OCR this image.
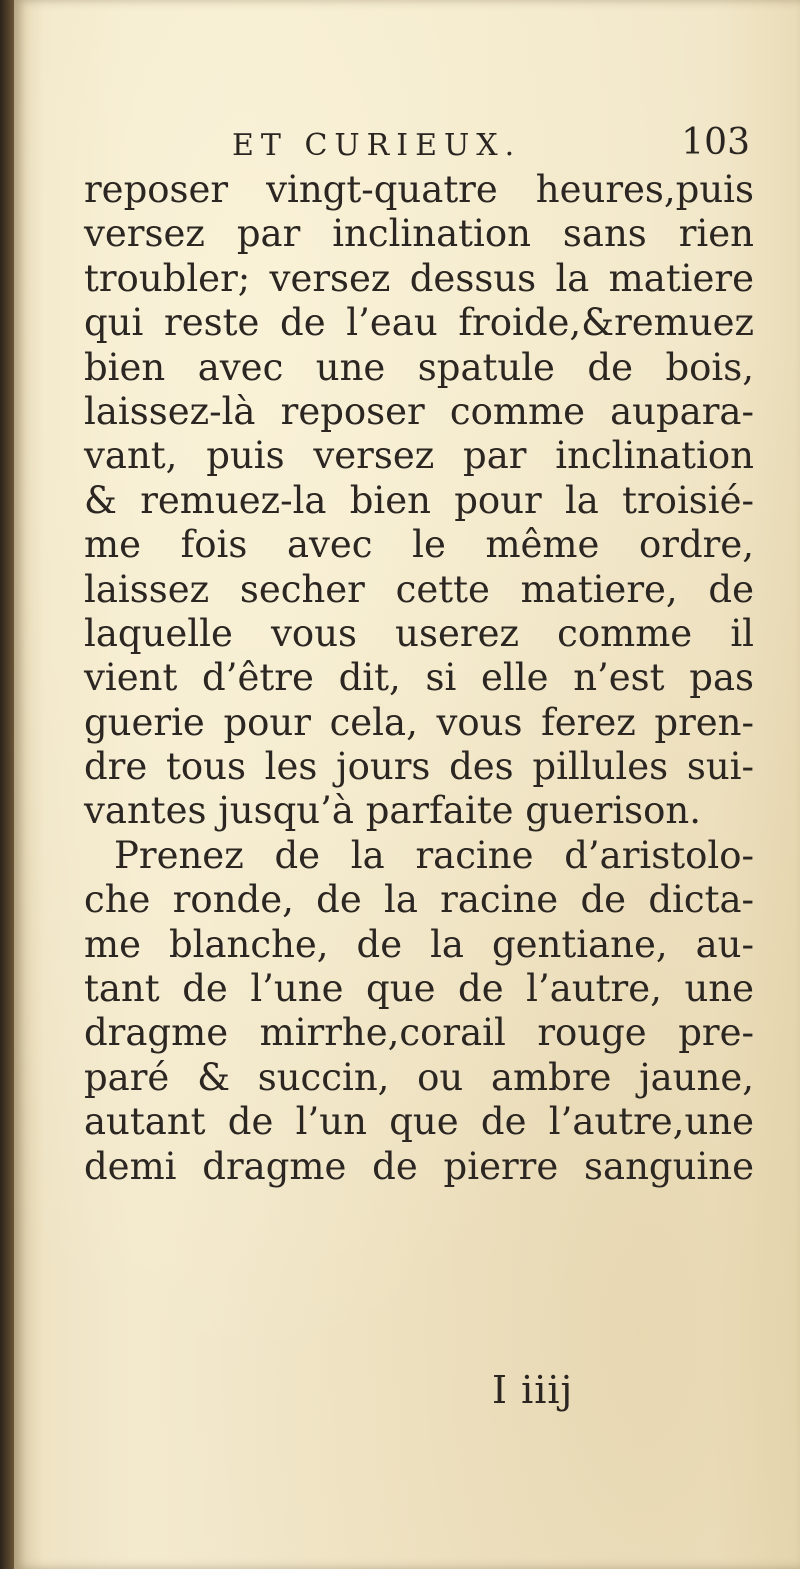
ET CURIEUX.	103
reposer vingt-quatre heures,puis
versez par inclination sans rien
troubler; versez dessus la matiere
qui reste de l’eau froide,&remuez
bien avec une spatule de bois,
laissez-là reposer comme aupara-
vant, puis versez par inclination
& remuez-la bien pour la troisié-
me fois avec le même ordre,
laissez secher cette matiere, de
laquelle vous userez comme il
vient d’être dit, si elle n’est pas
guerie pour cela, vous ferez pren-
dre tous les jours des pillules sui-
vantes jusqu’à parfaite guerison.
Prenez de la racine d’aristolo-
che ronde, de la racine de dicta-
me blanche, de la gentiane, au-
tant de l’une que de l’autre, une
dragme mirrhe,corail rouge pre-
paré & succin, ou ambre jaune,
autant de l’un que de l’autre,une
demi dragme de pierre sanguine
I iiij
